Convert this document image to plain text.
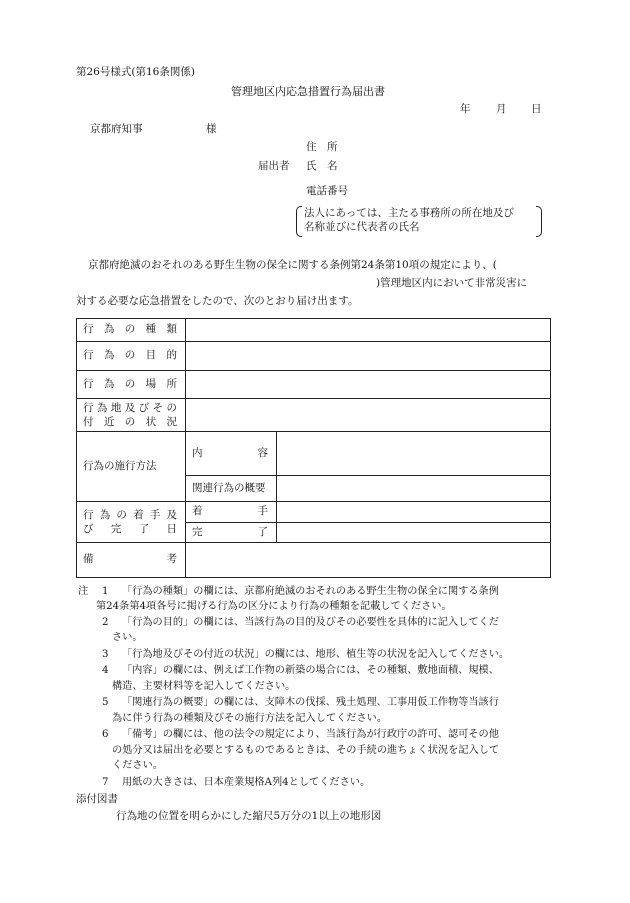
第26号様式(第16条関係)
管理地区内応急措置行為届出書
年 月 日
京都府知事	様
住　所
届出者 氏　名
電話番号
法人にあっては、主たる事務所の所在地及び
名称並びに代表者の氏名
京都府絶滅のおそれのある野生生物の保全に関する条例第24条第10項の規定により、(
)管理地区内において非常災害に
対する必要な応急措置をしたので、次のとおり届け出ます。
行為の種類		

行為の目的		

行為の場所		

行為地及びその
付近の状況		

行為の施行方法	内容	

	関連行為の概要	

行為の着手及
び完了日	着手	

	完了	

備考		

注 1 「行為の種類」の欄には、京都府絶滅のおそれのある野生生物の保全に関する条例
第24条第4項各号に掲げる行為の区分により行為の種類を記載してください。
2 「行為の目的」の欄には、当該行為の目的及びその必要性を具体的に記入してくだ
さい。
3 「行為地及びその付近の状況」の欄には、地形、植生等の状況を記入してください。
4 「内容」の欄には、例えば工作物の新築の場合には、その種類、敷地面積、規模、
構造、主要材料等を記入してください。
5 「関連行為の概要」の欄には、支障木の伐採、残土処理、工事用仮工作物等当該行
為に伴う行為の種類及びその施行方法を記入してください。
6 「備考」の欄には、他の法令の規定により、当該行為が行政庁の許可、認可その他
の処分又は届出を必要とするものであるときは、その手続の進ちょく状況を記入して
ください。
7 用紙の大きさは、日本産業規格A列4としてください。
添付図書
行為地の位置を明らかにした縮尺5万分の1以上の地形図
